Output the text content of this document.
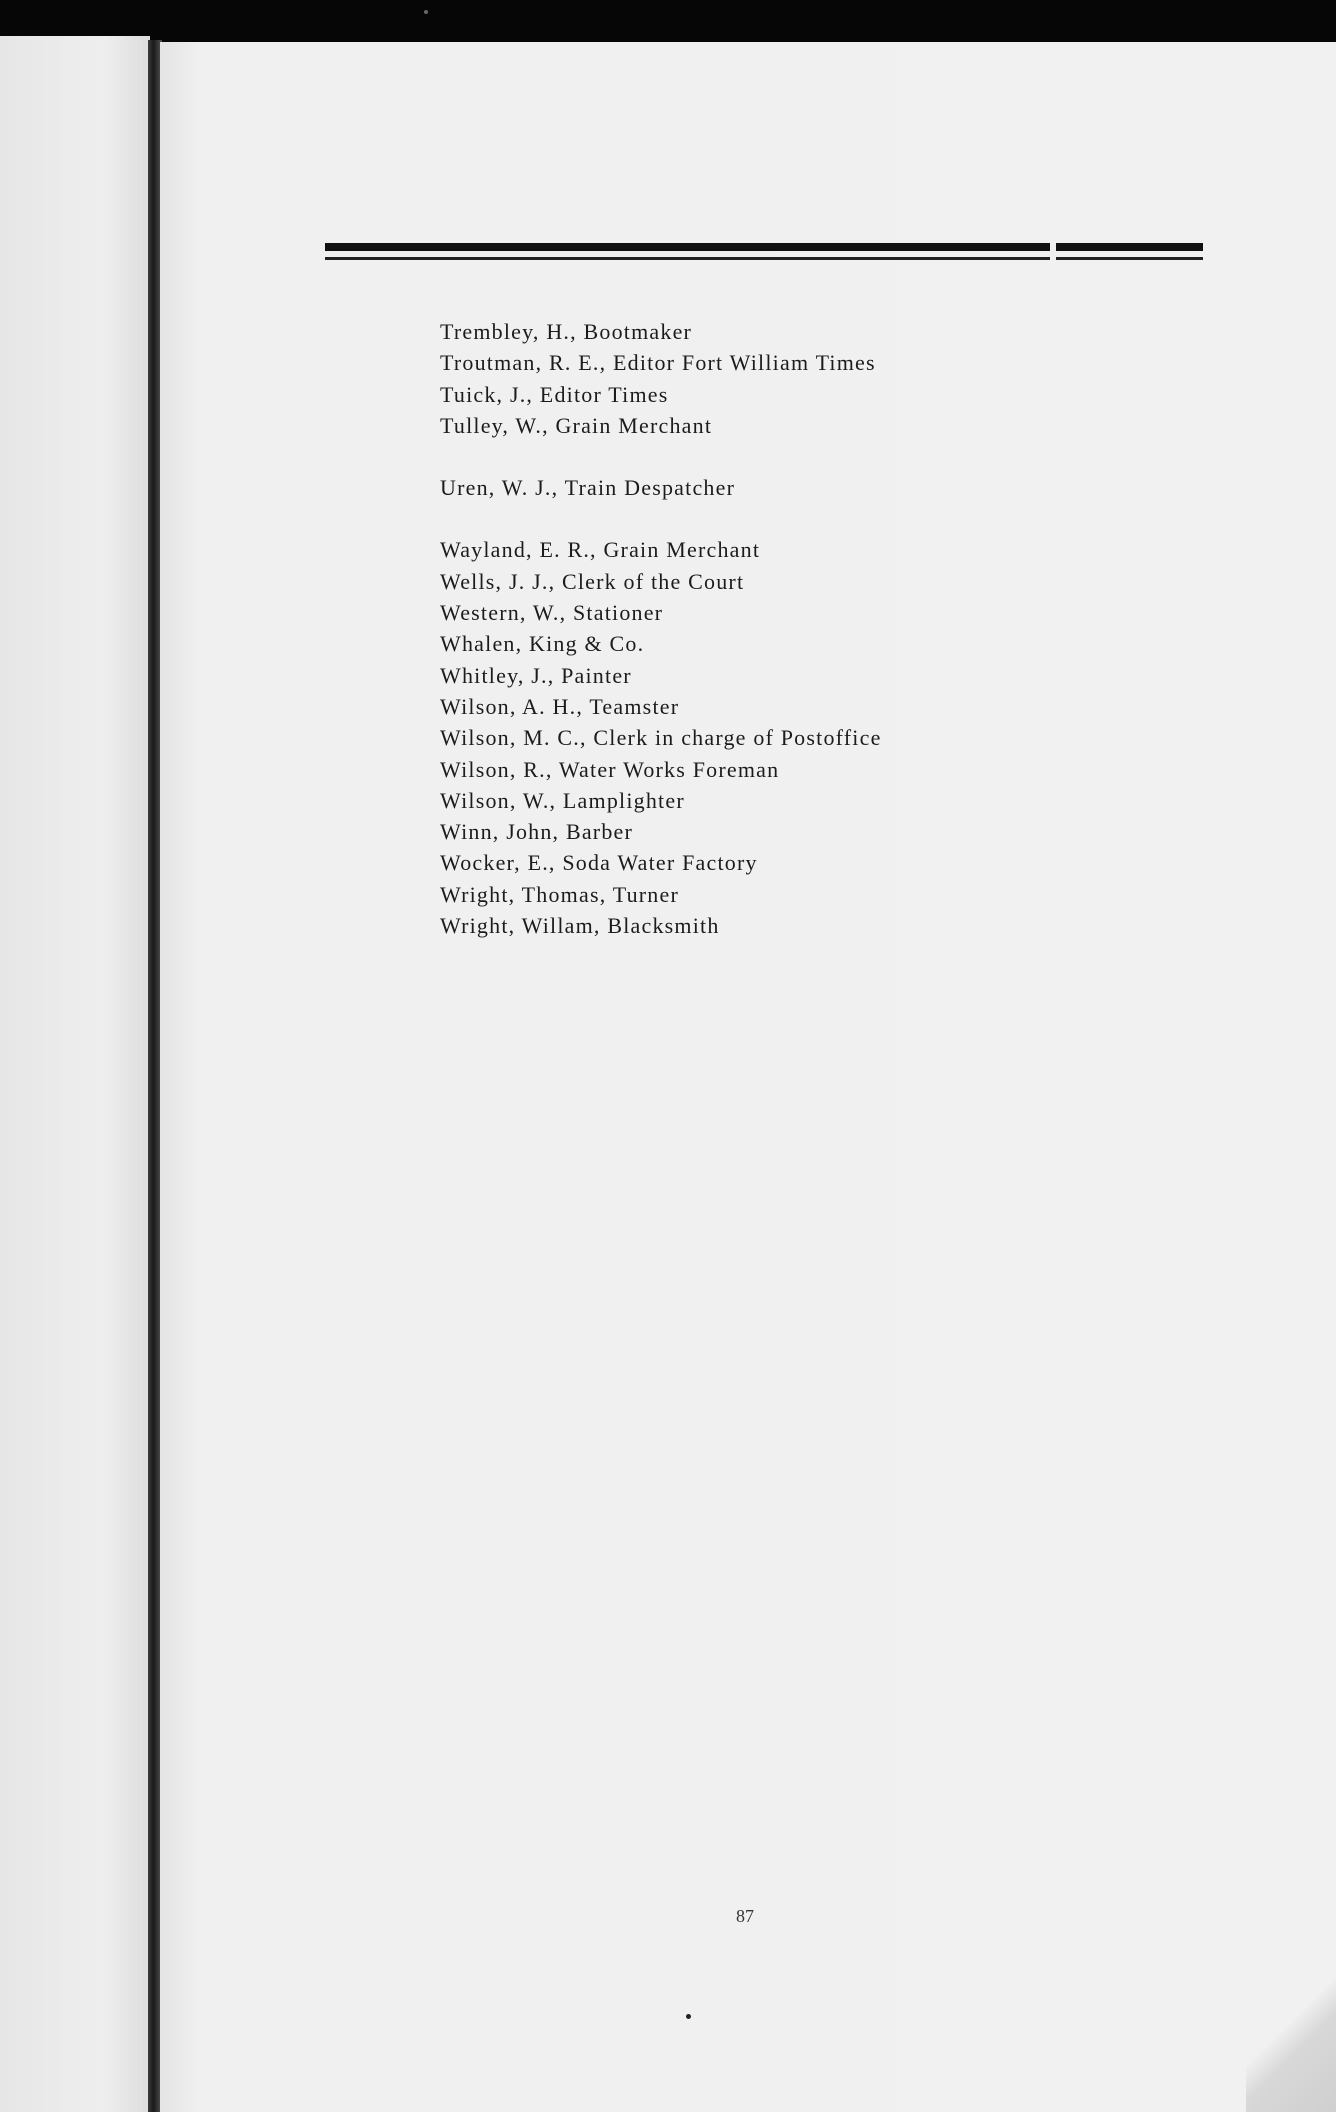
Trembley, H., Bootmaker
Troutman, R. E., Editor Fort William Times
Tuick, J., Editor Times
Tulley, W., Grain Merchant
Uren, W. J., Train Despatcher
Wayland, E. R., Grain Merchant
Wells, J. J., Clerk of the Court
Western, W., Stationer
Whalen, King & Co.
Whitley, J., Painter
Wilson, A. H., Teamster
Wilson, M. C., Clerk in charge of Postoffice
Wilson, R., Water Works Foreman
Wilson, W., Lamplighter
Winn, John, Barber
Wocker, E., Soda Water Factory
Wright, Thomas, Turner
Wright, Willam, Blacksmith
87
